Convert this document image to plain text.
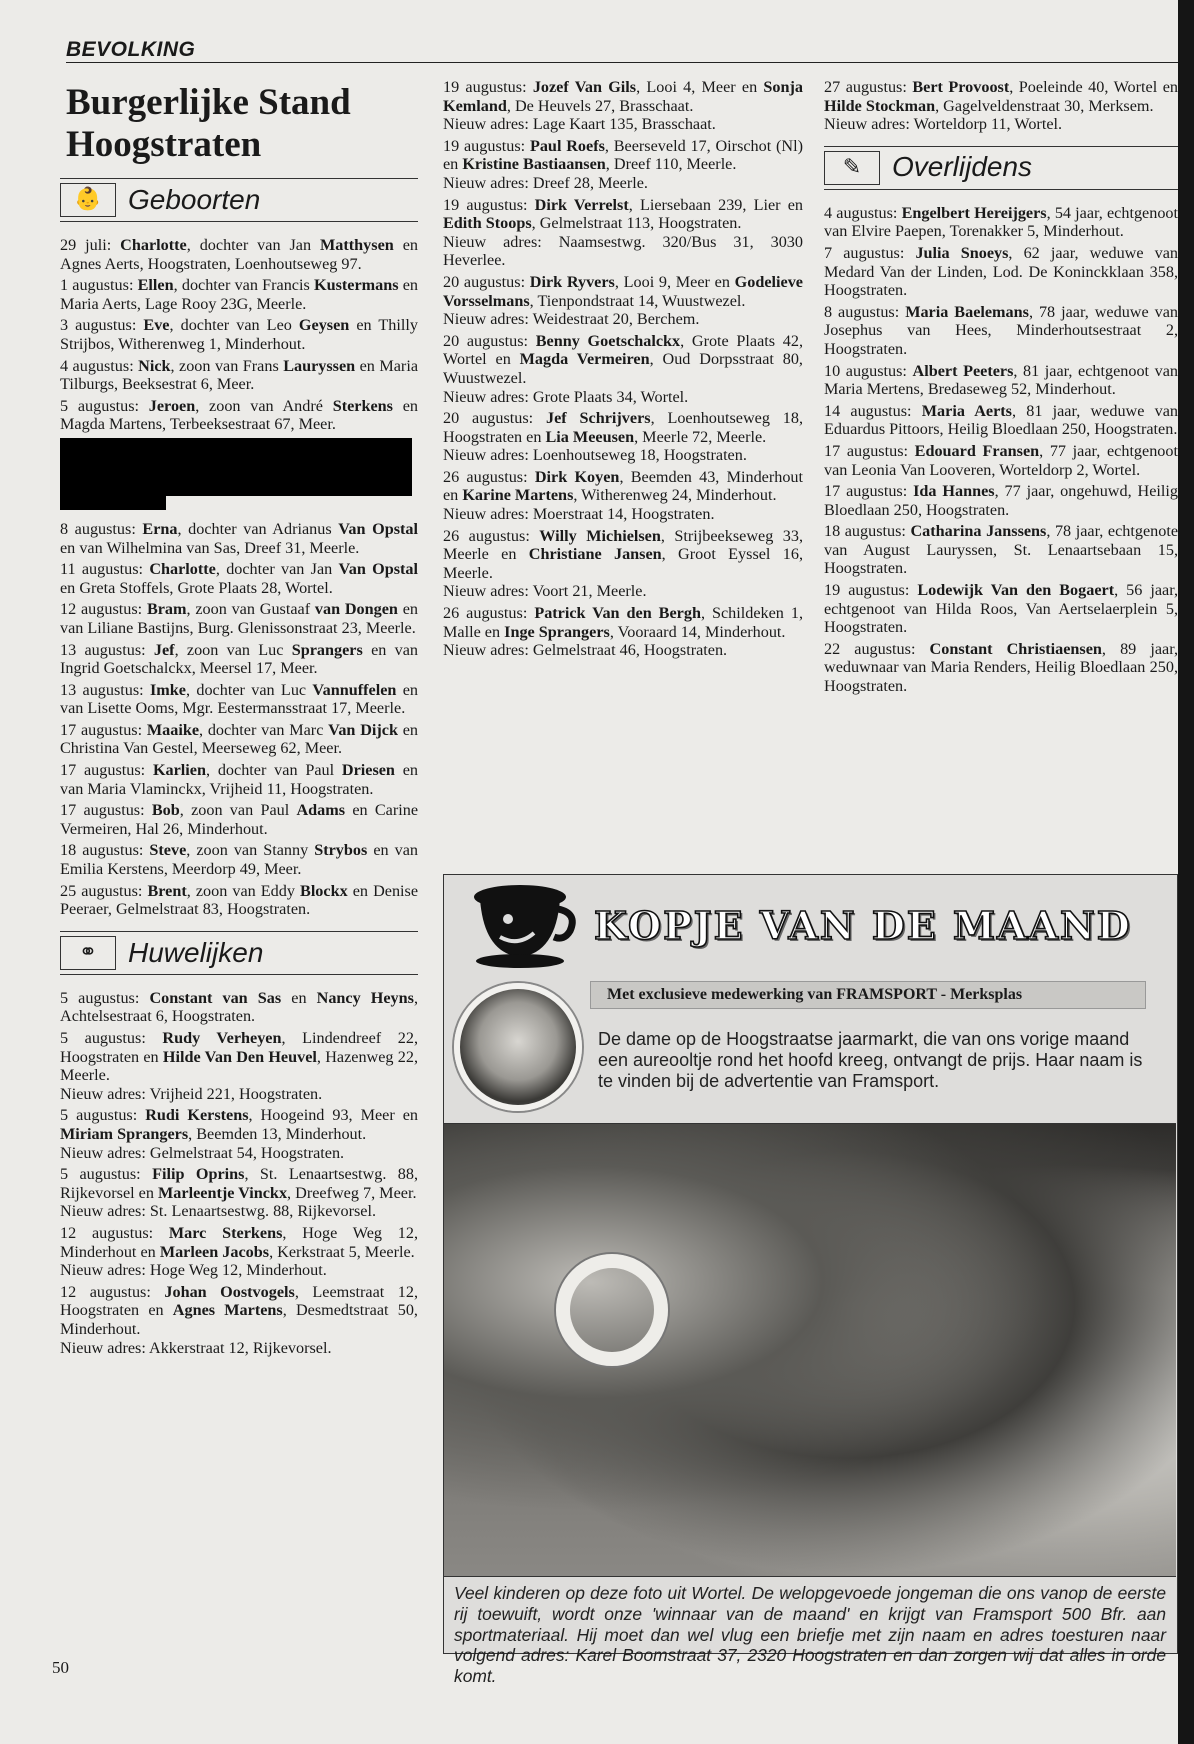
BEVOLKING
Burgerlijke Stand
Hoogstraten
👶 Geboorten
29 juli: Charlotte, dochter van Jan Matthysen en Agnes Aerts, Hoogstraten, Loenhoutseweg 97.
1 augustus: Ellen, dochter van Francis Kustermans en Maria Aerts, Lage Rooy 23G, Meerle.
3 augustus: Eve, dochter van Leo Geysen en Thilly Strijbos, Witherenweg 1, Minderhout.
4 augustus: Nick, zoon van Frans Lauryssen en Maria Tilburgs, Beeksestrat 6, Meer.
5 augustus: Jeroen, zoon van André Sterkens en Magda Martens, Terbeeksestraat 67, Meer.
8 augustus: Erna, dochter van Adrianus Van Opstal en van Wilhelmina van Sas, Dreef 31, Meerle.
11 augustus: Charlotte, dochter van Jan Van Opstal en Greta Stoffels, Grote Plaats 28, Wortel.
12 augustus: Bram, zoon van Gustaaf van Dongen en van Liliane Bastijns, Burg. Glenissonstraat 23, Meerle.
13 augustus: Jef, zoon van Luc Sprangers en van Ingrid Goetschalckx, Meersel 17, Meer.
13 augustus: Imke, dochter van Luc Vannuffelen en van Lisette Ooms, Mgr. Eestermansstraat 17, Meerle.
17 augustus: Maaike, dochter van Marc Van Dijck en Christina Van Gestel, Meerseweg 62, Meer.
17 augustus: Karlien, dochter van Paul Driesen en van Maria Vlaminckx, Vrijheid 11, Hoogstraten.
17 augustus: Bob, zoon van Paul Adams en Carine Vermeiren, Hal 26, Minderhout.
18 augustus: Steve, zoon van Stanny Strybos en van Emilia Kerstens, Meerdorp 49, Meer.
25 augustus: Brent, zoon van Eddy Blockx en Denise Peeraer, Gelmelstraat 83, Hoogstraten.
⚭	Huwelijken
5 augustus: Constant van Sas en Nancy Heyns, Achtelsestraat 6, Hoogstraten.
5 augustus: Rudy Verheyen, Lindendreef 22, Hoogstraten en Hilde Van Den Heuvel, Hazenweg 22, Meerle.
Nieuw adres: Vrijheid 221, Hoogstraten.
5 augustus: Rudi Kerstens, Hoogeind 93, Meer en Miriam Sprangers, Beemden 13, Minderhout.
Nieuw adres: Gelmelstraat 54, Hoogstraten.
5 augustus: Filip Oprins, St. Lenaartsestwg. 88, Rijkevorsel en Marleentje Vinckx, Dreefweg 7, Meer.
Nieuw adres: St. Lenaartsestwg. 88, Rijkevorsel.
12 augustus: Marc Sterkens, Hoge Weg 12, Minderhout en Marleen Jacobs, Kerkstraat 5, Meerle.
Nieuw adres: Hoge Weg 12, Minderhout.
12 augustus: Johan Oostvogels, Leemstraat 12, Hoogstraten en Agnes Martens, Desmedtstraat 50, Minderhout.
Nieuw adres: Akkerstraat 12, Rijkevorsel.
19 augustus: Jozef Van Gils, Looi 4, Meer en Sonja Kemland, De Heuvels 27, Brasschaat.
Nieuw adres: Lage Kaart 135, Brasschaat.
19 augustus: Paul Roefs, Beerseveld 17, Oirschot (Nl) en Kristine Bastiaansen, Dreef 110, Meerle.
Nieuw adres: Dreef 28, Meerle.
19 augustus: Dirk Verrelst, Liersebaan 239, Lier en Edith Stoops, Gelmelstraat 113, Hoogstraten.
Nieuw adres: Naamsestwg. 320/Bus 31, 3030 Heverlee.
20 augustus: Dirk Ryvers, Looi 9, Meer en Godelieve Vorsselmans, Tienpondstraat 14, Wuustwezel.
Nieuw adres: Weidestraat 20, Berchem.
20 augustus: Benny Goetschalckx, Grote Plaats 42, Wortel en Magda Vermeiren, Oud Dorpsstraat 80, Wuustwezel.
Nieuw adres: Grote Plaats 34, Wortel.
20 augustus: Jef Schrijvers, Loenhoutseweg 18, Hoogstraten en Lia Meeusen, Meerle 72, Meerle.
Nieuw adres: Loenhoutseweg 18, Hoogstraten.
26 augustus: Dirk Koyen, Beemden 43, Minderhout en Karine Martens, Witherenweg 24, Minderhout.
Nieuw adres: Moerstraat 14, Hoogstraten.
26 augustus: Willy Michielsen, Strijbeekseweg 33, Meerle en Christiane Jansen, Groot Eyssel 16, Meerle.
Nieuw adres: Voort 21, Meerle.
26 augustus: Patrick Van den Bergh, Schildeken 1, Malle en Inge Sprangers, Vooraard 14, Minderhout.
Nieuw adres: Gelmelstraat 46, Hoogstraten.
27 augustus: Bert Provoost, Poeleinde 40, Wortel en Hilde Stockman, Gagelveldenstraat 30, Merksem.
Nieuw adres: Worteldorp 11, Wortel.
✎	Overlijdens
4 augustus: Engelbert Hereijgers, 54 jaar, echtgenoot van Elvire Paepen, Torenakker 5, Minderhout.
7 augustus: Julia Snoeys, 62 jaar, weduwe van Medard Van der Linden, Lod. De Koninckklaan 358, Hoogstraten.
8 augustus: Maria Baelemans, 78 jaar, weduwe van Josephus van Hees, Minderhoutsestraat 2, Hoogstraten.
10 augustus: Albert Peeters, 81 jaar, echtgenoot van Maria Mertens, Bredaseweg 52, Minderhout.
14 augustus: Maria Aerts, 81 jaar, weduwe van Eduardus Pittoors, Heilig Bloedlaan 250, Hoogstraten.
17 augustus: Edouard Fransen, 77 jaar, echtgenoot van Leonia Van Looveren, Worteldorp 2, Wortel.
17 augustus: Ida Hannes, 77 jaar, ongehuwd, Heilig Bloedlaan 250, Hoogstraten.
18 augustus: Catharina Janssens, 78 jaar, echtgenote van August Lauryssen, St. Lenaartsebaan 15, Hoogstraten.
19 augustus: Lodewijk Van den Bogaert, 56 jaar, echtgenoot van Hilda Roos, Van Aertselaerplein 5, Hoogstraten.
22 augustus: Constant Christiaensen, 89 jaar, weduwnaar van Maria Renders, Heilig Bloedlaan 250, Hoogstraten.
KOPJE VAN DE MAAND
Met exclusieve medewerking van FRAMSPORT - Merksplas
De dame op de Hoogstraatse jaarmarkt, die van ons vorige maand een aureooltje rond het hoofd kreeg, ontvangt de prijs. Haar naam is te vinden bij de advertentie van Framsport.
Veel kinderen op deze foto uit Wortel. De welopgevoede jongeman die ons vanop de eerste rij toewuift, wordt onze 'winnaar van de maand' en krijgt van Framsport 500 Bfr. aan sportmateriaal. Hij moet dan wel vlug een briefje met zijn naam en adres toesturen naar volgend adres: Karel Boomstraat 37, 2320 Hoogstraten en dan zorgen wij dat alles in orde komt.
50
